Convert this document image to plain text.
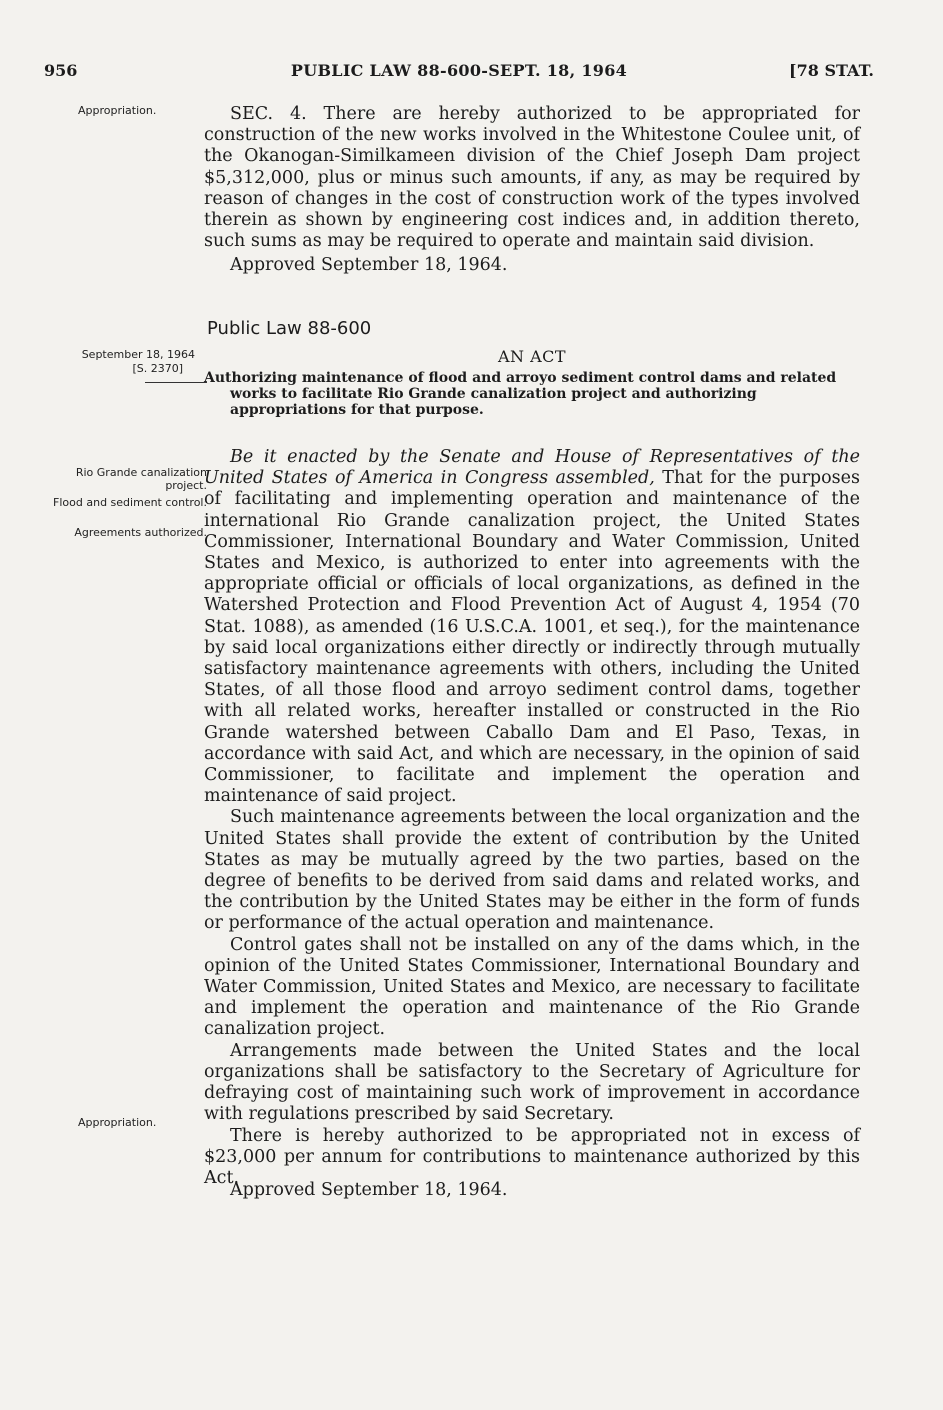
956	PUBLIC LAW 88-600-SEPT. 18, 1964	[78 STAT.
Appropriation.	SEC. 4. There are hereby authorized to be appropriated for construction of the new works involved in the Whitestone Coulee unit, of the Okanogan-Similkameen division of the Chief Joseph Dam project $5,312,000, plus or minus such amounts, if any, as may be required by reason of changes in the cost of construction work of the types involved therein as shown by engineering cost indices and, in addition thereto, such sums as may be required to operate and maintain said division.

Approved September 18, 1964.
Public Law 88-600
September 18, 1964
[S. 2370]
AN ACT
Authorizing maintenance of flood and arroyo sediment control dams and related works to facilitate Rio Grande canalization project and authorizing appropriations for that purpose.
Rio Grande canalization project.
Flood and sediment control.
Agreements authorized.

Be it enacted by the Senate and House of Representatives of the United States of America in Congress assembled, That for the purposes of facilitating and implementing operation and maintenance of the international Rio Grande canalization project, the United States Commissioner, International Boundary and Water Commission, United States and Mexico, is authorized to enter into agreements with the appropriate official or officials of local organizations, as defined in the Watershed Protection and Flood Prevention Act of August 4, 1954 (70 Stat. 1088), as amended (16 U.S.C.A. 1001, et seq.), for the maintenance by said local organizations either directly or indirectly through mutually satisfactory maintenance agreements with others, including the United States, of all those flood and arroyo sediment control dams, together with all related works, hereafter installed or constructed in the Rio Grande watershed between Caballo Dam and El Paso, Texas, in accordance with said Act, and which are necessary, in the opinion of said Commissioner, to facilitate and implement the operation and maintenance of said project.

Such maintenance agreements between the local organization and the United States shall provide the extent of contribution by the United States as may be mutually agreed by the two parties, based on the degree of benefits to be derived from said dams and related works, and the contribution by the United States may be either in the form of funds or performance of the actual operation and maintenance.

Control gates shall not be installed on any of the dams which, in the opinion of the United States Commissioner, International Boundary and Water Commission, United States and Mexico, are necessary to facilitate and implement the operation and maintenance of the Rio Grande canalization project.

Arrangements made between the United States and the local organizations shall be satisfactory to the Secretary of Agriculture for defraying cost of maintaining such work of improvement in accordance with regulations prescribed by said Secretary.

There is hereby authorized to be appropriated not in excess of $23,000 per annum for contributions to maintenance authorized by this Act.

Appropriation.
Approved September 18, 1964.
